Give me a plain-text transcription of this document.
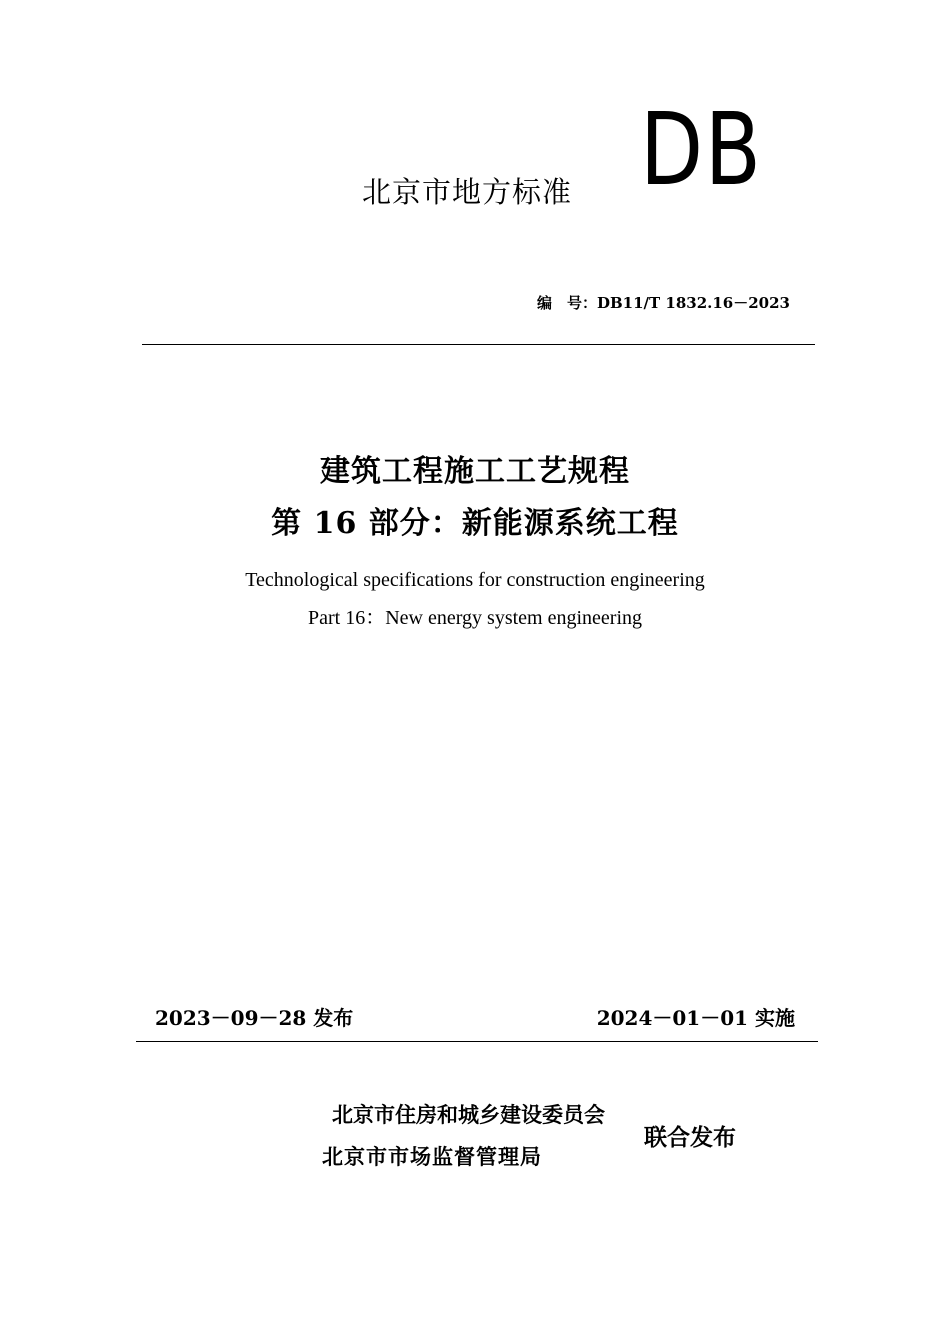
北京市地方标准 DB
编　号：DB11/T 1832.16－2023
建筑工程施工工艺规程
第 16 部分：新能源系统工程
Technological specifications for construction engineering
Part 16：New energy system engineering
2023－09－28 发布	2024－01－01 实施
北京市住房和城乡建设委员会
北京市市场监督管理局
联合发布
